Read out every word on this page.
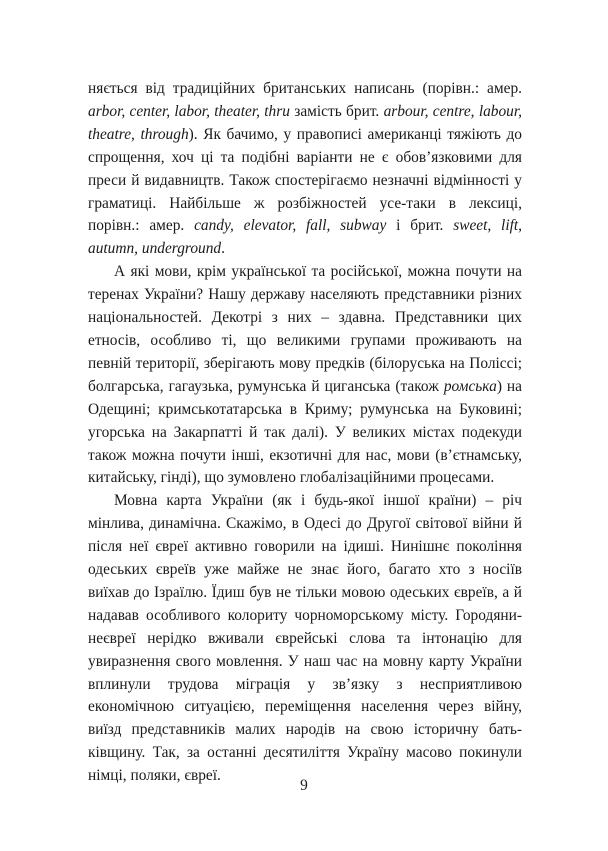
няється від традиційних британських написань (порівн.: амер. arbor, center, labor, theater, thru замість брит. arbour, centre, labour, theatre, through). Як бачимо, у правописі американці тяжіють до спрощення, хоч ці та подібні варіанти не є обов’язковими для преси й видавництв. Також спостерігаємо незначні відмінності у граматиці. Найбільше ж розбіжностей усе-таки в лексиці, порівн.: амер. candy, elevator, fall, subway і брит. sweet, lift, autumn, underground.

А які мови, крім української та російської, можна почути на теренах України? Нашу державу населяють представники різних національностей. Декотрі з них – здавна. Представники цих етносів, особливо ті, що великими групами проживають на певній території, зберігають мову предків (білоруська на Поліссі; болгарська, гагаузька, румунська й циганська (також ромська) на Одещині; кримськотатарська в Криму; румунська на Буковині; угорська на Закарпатті й так далі). У великих містах подекуди також можна почути інші, екзотичні для нас, мови (в’єтнамську, китайську, гінді), що зумовлено глобалізаційними процесами.

Мовна карта України (як і будь-якої іншої країни) – річ мінлива, динамічна. Скажімо, в Одесі до Другої світової війни й після неї євреї активно говорили на ідиші. Нинішнє покоління одеських євреїв уже майже не знає його, багато хто з носіїв виїхав до Ізраїлю. Їдиш був не тільки мовою одеських євреїв, а й надавав особливого колориту чорноморському місту. Городяни-неєвреї нерідко вживали єврейські слова та інтонацію для увиразнення свого мовлення. У наш час на мовну карту України вплинули трудова міграція у зв’язку з несприятливою економічною ситуацією, переміщення населення через війну, виїзд представників малих народів на свою історичну батьківщину. Так, за останні десятиліття Україну масово покинули німці, поляки, євреї.

9
